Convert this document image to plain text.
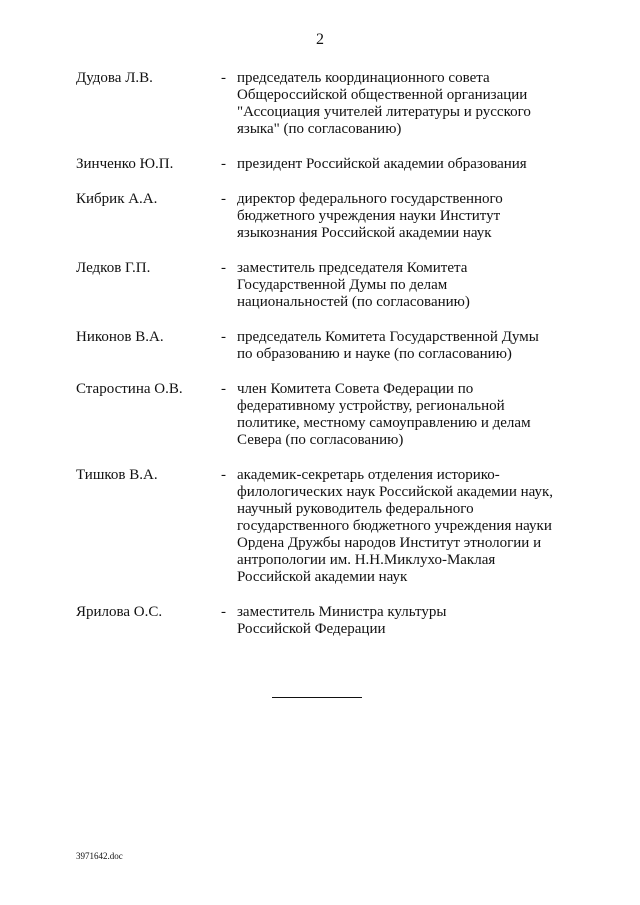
2
Дудова Л.В.	- председатель координационного совета
Общероссийской общественной организации
"Ассоциация учителей литературы и русского
языка" (по согласованию)
Зинченко Ю.П.	- президент Российской академии образования
Кибрик А.А.	- директор федерального государственного
бюджетного учреждения науки Институт
языкознания Российской академии наук
Ледков Г.П.	- заместитель председателя Комитета
Государственной Думы по делам
национальностей (по согласованию)
Никонов В.А.	- председатель Комитета Государственной Думы
по образованию и науке (по согласованию)
Старостина О.В.	- член Комитета Совета Федерации по
федеративному устройству, региональной
политике, местному самоуправлению и делам
Севера (по согласованию)
Тишков В.А.	- академик-секретарь отделения историко-
филологических наук Российской академии наук,
научный руководитель федерального
государственного бюджетного учреждения науки
Ордена Дружбы народов Институт этнологии и
антропологии им. Н.Н.Миклухо-Маклая
Российской академии наук
Ярилова О.С.	- заместитель Министра культуры
Российской Федерации
3971642.doc
